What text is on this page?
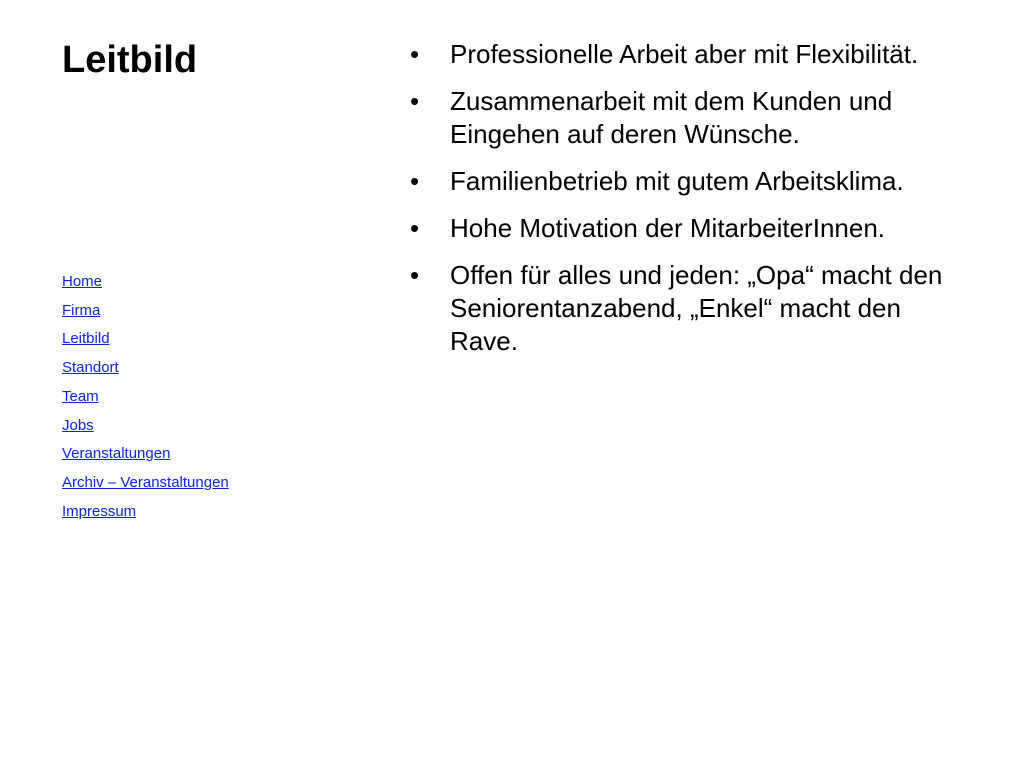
Leitbild
Home
Firma
Leitbild
Standort
Team
Jobs
Veranstaltungen
Archiv – Veranstaltungen
Impressum
• Professionelle Arbeit aber mit Flexibilität.
• Zusammenarbeit mit dem Kunden und Eingehen auf deren Wünsche.
• Familienbetrieb mit gutem Arbeitsklima.
• Hohe Motivation der MitarbeiterInnen.
• Offen für alles und jeden: „Opa“ macht den Seniorentanzabend, „Enkel“ macht den Rave.
